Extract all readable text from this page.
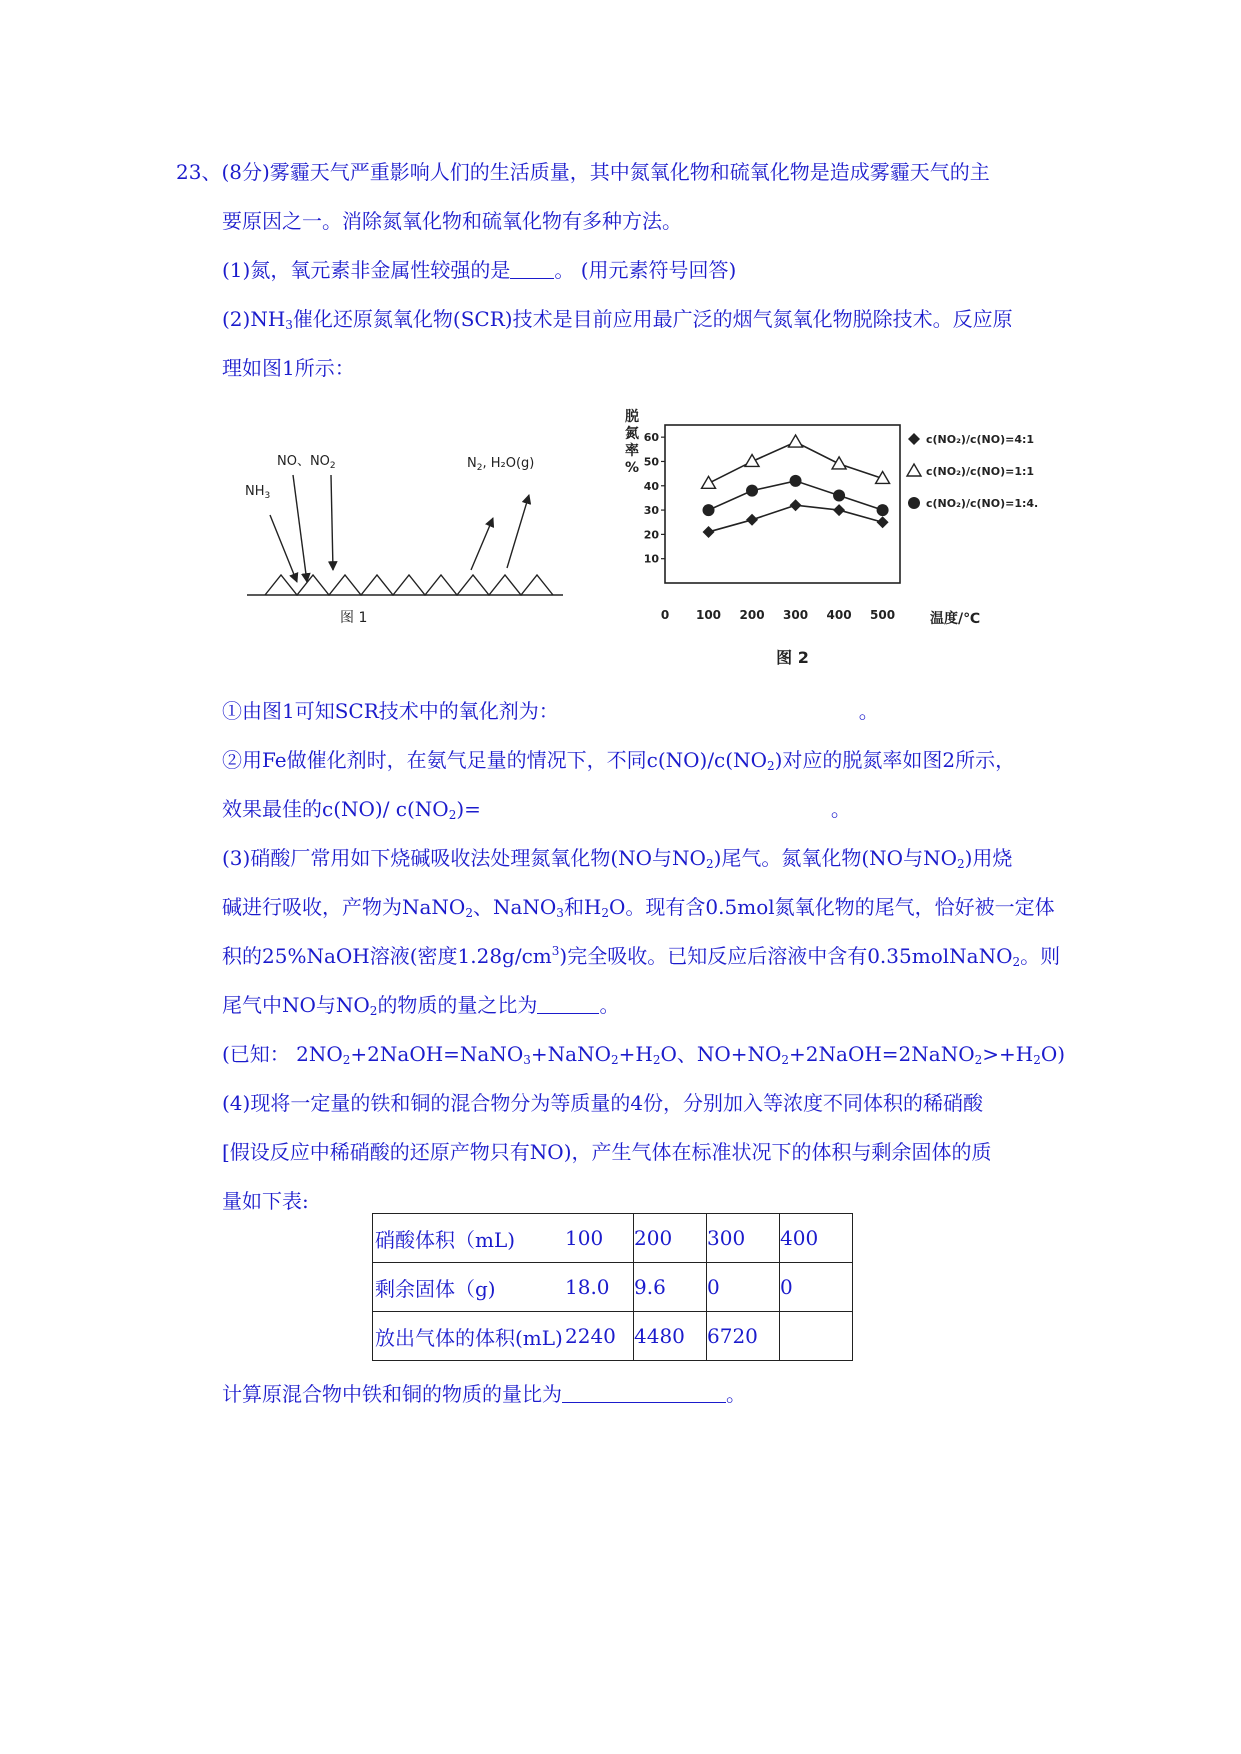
23、(8分)雾霾天气严重影响人们的生活质量，其中氮氧化物和硫氧化物是造成雾霾天气的主
要原因之一。消除氮氧化物和硫氧化物有多种方法。
(1)氮，氧元素非金属性较强的是 。 (用元素符号回答)
$(2)NH_3$催化还原氮氧化物(SCR)技术是目前应用最广泛的烟气氮氧化物脱除技术。反应原
理如图1所示：
$NH_3$
NO、$NO_2$	$N_2$, H₂O(g)
图 1
脱氮率%
10
20
30
40
50
60
0 100 200 300 400 500 温度/℃
图 2
c(NO₂)/c(NO)=4:1
c(NO₂)/c(NO)=1:1
c(NO₂)/c(NO)=1:4.
①由图1可知SCR技术中的氧化剂为：	。
②用Fe做催化剂时，在氨气足量的情况下，不同$c(NO)/c(NO_2)$对应的脱氮率如图2所示，
效果最佳的c(NO)/ $c(NO_2)=$	。
(3)硝酸厂常用如下烧碱吸收法处理氮氧化物(NO与$NO_2$)尾气。氮氧化物(NO与$NO_2$)用烧
碱进行吸收，产物为NaNO$_2$、NaNO$_3$和$H_2O$。现有含0.5mol氮氧化物的尾气，恰好被一定体
积的25%NaOH溶液(密度$1.28g/cm^3$)完全吸收。已知反应后溶液中含有0.35molNaNO$_2$。则
尾气中NO与$NO_2$的物质的量之比为	。
(已知： $2NO_2+2NaOH=NaNO_3+NaNO_2+H_2O$、$NO+NO_2+2NaOH=2NaNO_2>+H_2O$)
(4)现将一定量的铁和铜的混合物分为等质量的4份，分别加入等浓度不同体积的稀硝酸
[假设反应中稀硝酸的还原产物只有NO)，产生气体在标准状况下的体积与剩余固体的质
量如下表:
硝酸体积（mL)	100	200	300	400
剩余固体（g)	18.0	9.6	0	0
放出气体的体积(mL)	2240	4480	6720	
计算原混合物中铁和铜的物质的量比为	。
